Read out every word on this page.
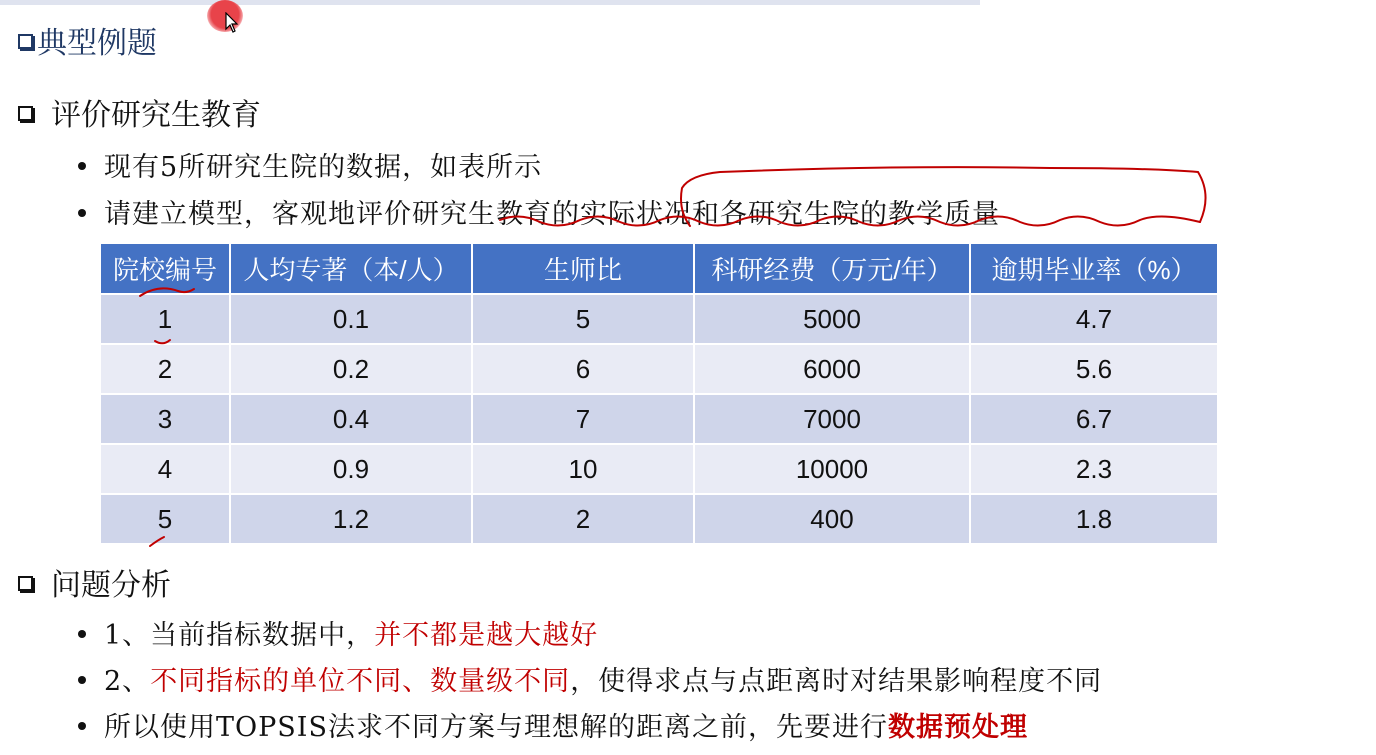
典型例题
评价研究生教育
现有5所研究生院的数据，如表所示
请建立模型，客观地评价研究生教育的实际状况和各研究生院的教学质量
院校编号	人均专著（本/人）	生师比	科研经费（万元/年）	逾期毕业率（%）
1	0.1	5	5000	4.7
2	0.2	6	6000	5.6
3	0.4	7	7000	6.7
4	0.9	10	10000	2.3
5	1.2	2	400	1.8
问题分析
1、当前指标数据中，并不都是越大越好
2、不同指标的单位不同、数量级不同，使得求点与点距离时对结果影响程度不同
所以使用TOPSIS法求不同方案与理想解的距离之前，先要进行数据预处理
